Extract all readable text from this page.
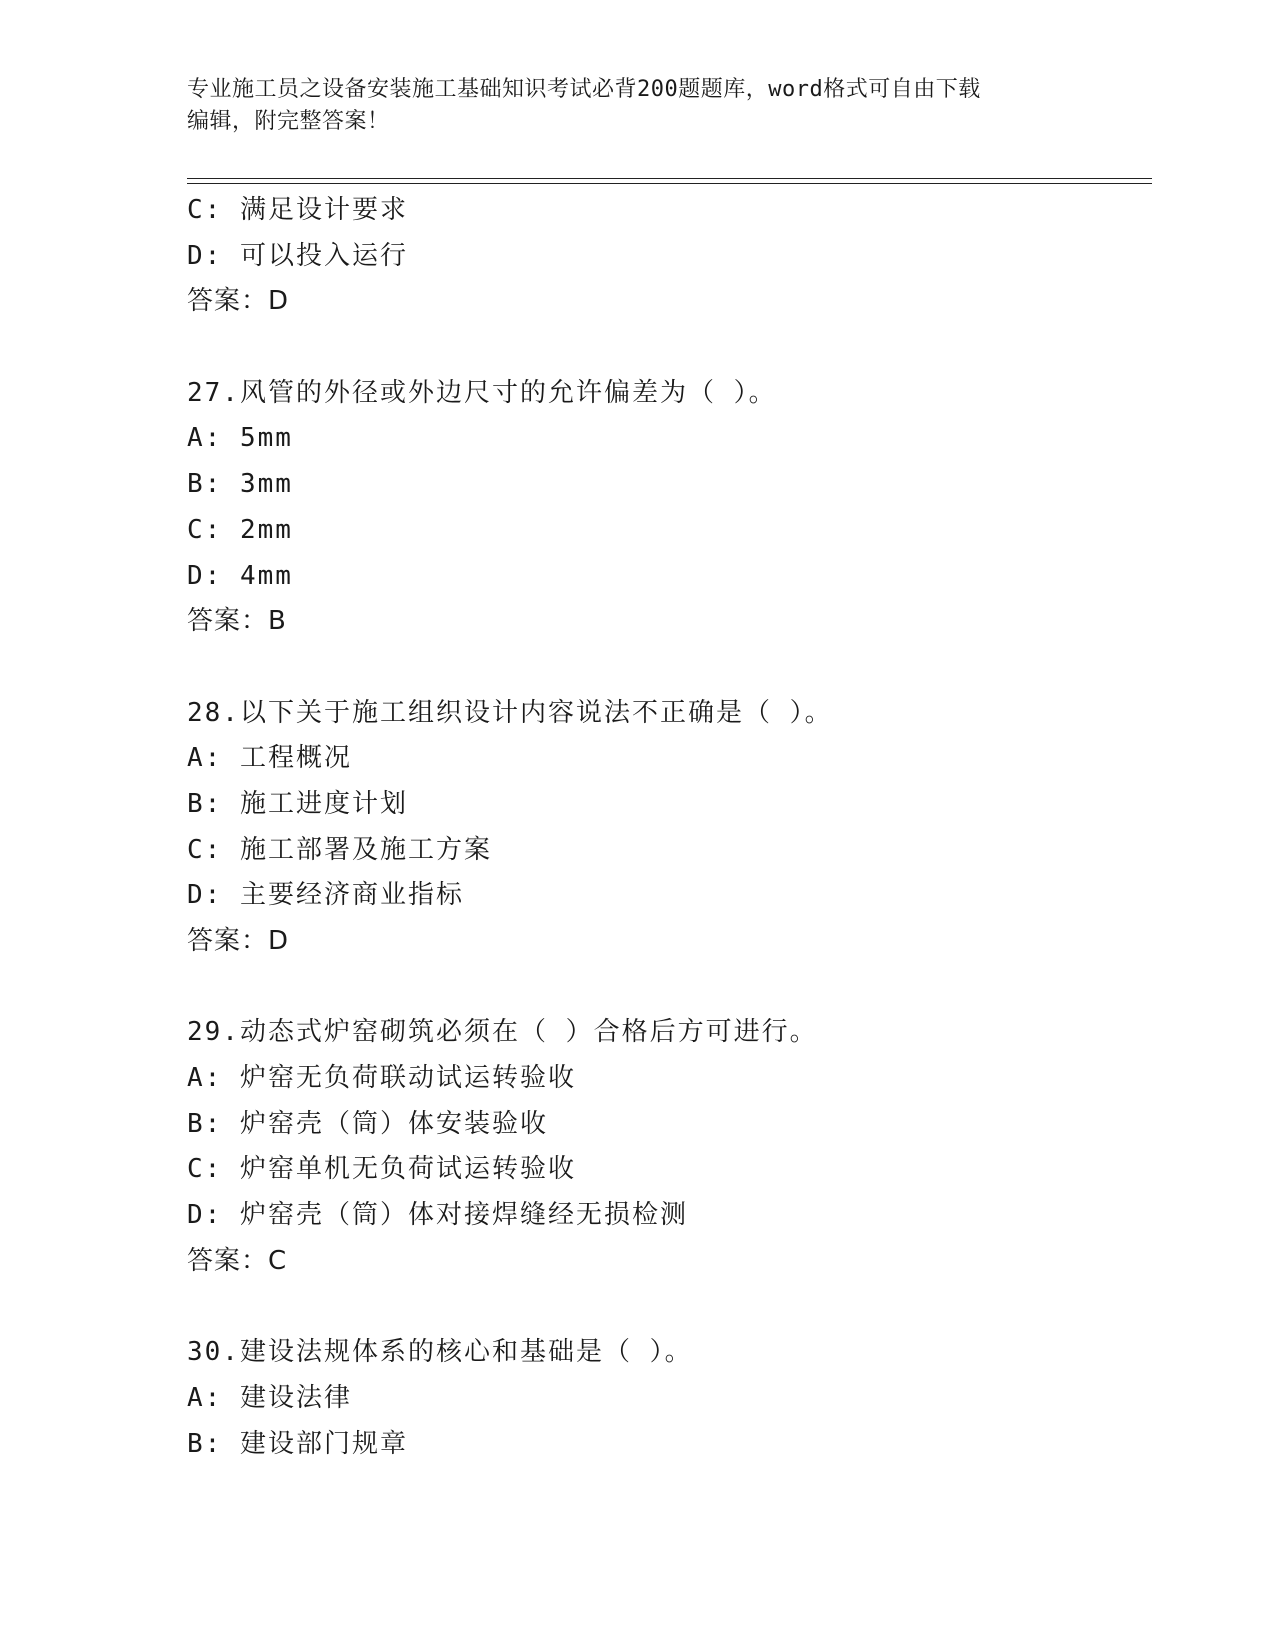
专业施工员之设备安装施工基础知识考试必背200题题库，word格式可自由下载
编辑，附完整答案！
C: 满足设计要求
D: 可以投入运行
答案：D
27.风管的外径或外边尺寸的允许偏差为（ ）。
A: 5mm
B: 3mm
C: 2mm
D: 4mm
答案：B
28.以下关于施工组织设计内容说法不正确是（ ）。
A: 工程概况
B: 施工进度计划
C: 施工部署及施工方案
D: 主要经济商业指标
答案：D
29.动态式炉窑砌筑必须在（ ）合格后方可进行。
A: 炉窑无负荷联动试运转验收
B: 炉窑壳（筒）体安装验收
C: 炉窑单机无负荷试运转验收
D: 炉窑壳（筒）体对接焊缝经无损检测
答案：C
30.建设法规体系的核心和基础是（ ）。
A: 建设法律
B: 建设部门规章
